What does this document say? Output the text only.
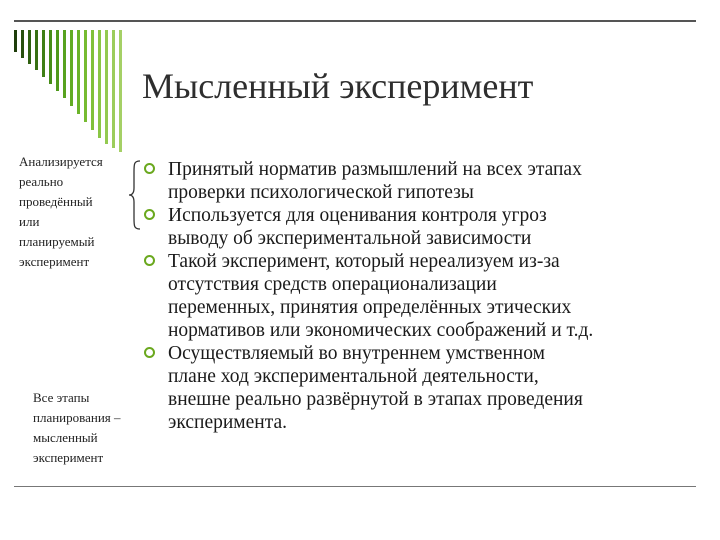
Мысленный эксперимент
Анализируется
реально
проведённый
или
планируемый
эксперимент
Все этапы
планирования –
мысленный
эксперимент
Принятый норматив размышлений на всех этапах
проверки психологической гипотезы
Используется для оценивания контроля угроз
выводу об экспериментальной зависимости
Такой эксперимент, который нереализуем из-за
отсутствия средств операционализации
переменных, принятия определённых этических
нормативов или экономических соображений и т.д.
Осуществляемый во внутреннем умственном
плане ход экспериментальной деятельности,
внешне реально развёрнутой в этапах проведения
эксперимента.
